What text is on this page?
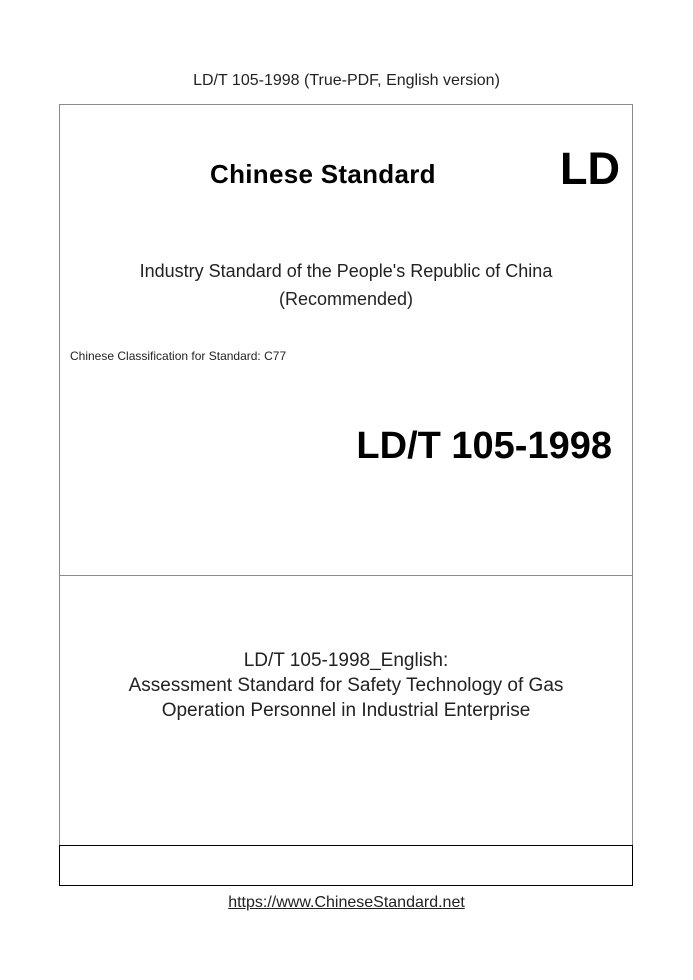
LD/T 105-1998 (True-PDF, English version)
Chinese Standard	LD
Industry Standard of the People's Republic of China
(Recommended)
Chinese Classification for Standard: C77
LD/T 105-1998
LD/T 105-1998_English:
Assessment Standard for Safety Technology of Gas
Operation Personnel in Industrial Enterprise
https://www.ChineseStandard.net
